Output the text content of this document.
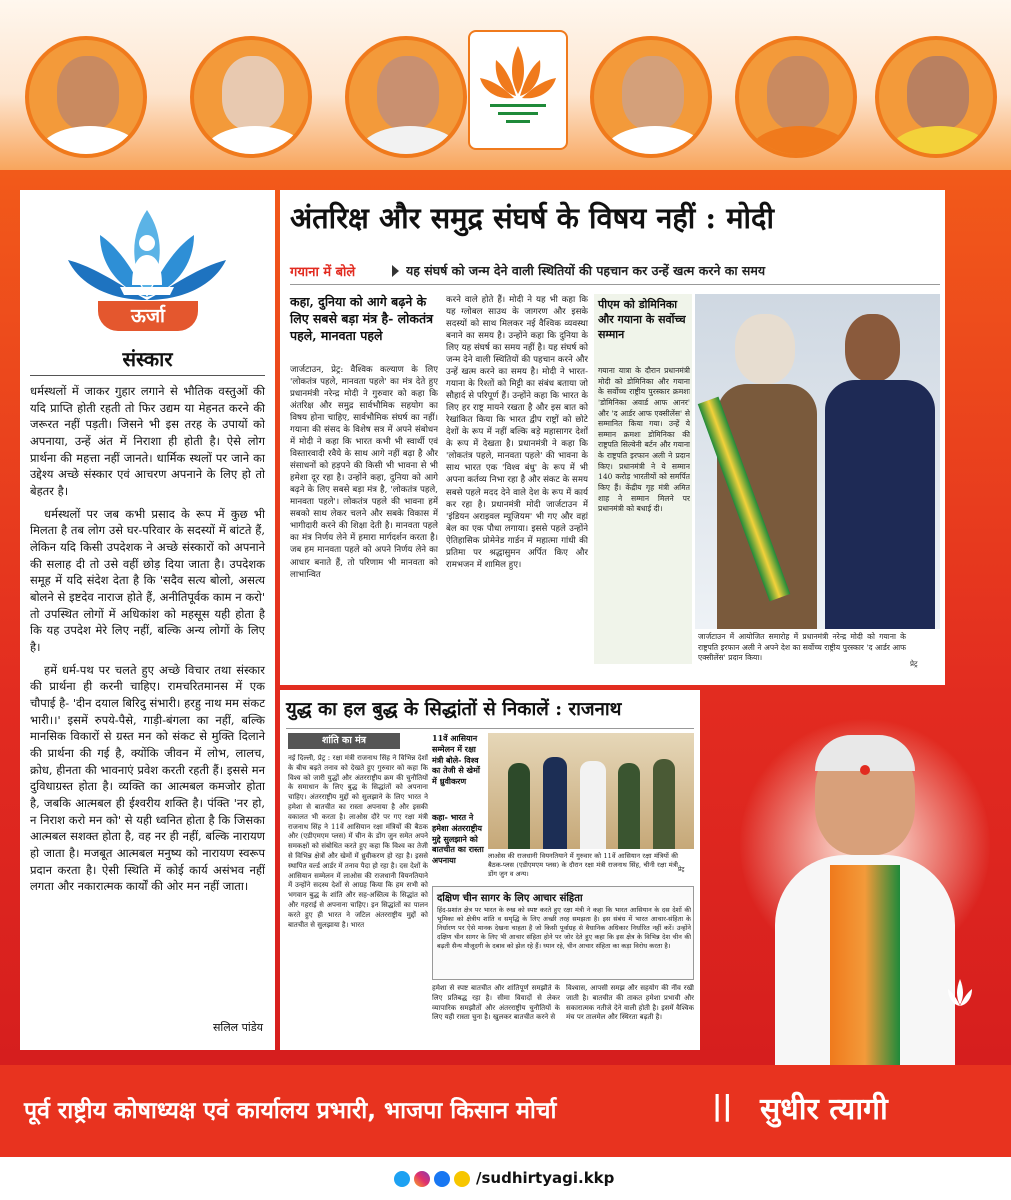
ऊर्जा
संस्कार

धर्मस्थलों में जाकर गुहार लगाने से भौतिक वस्तुओं की यदि प्राप्ति होती रहती तो फिर उद्यम या मेहनत करने की जरूरत नहीं पड़ती। जिसने भी इस तरह के उपायों को अपनाया, उन्हें अंत में निराशा ही होती है। ऐसे लोग प्रार्थना की महत्ता नहीं जानते। धार्मिक स्थलों पर जाने का उद्देश्य अच्छे संस्कार एवं आचरण अपनाने के लिए हो तो बेहतर है।

धर्मस्थलों पर जब कभी प्रसाद के रूप में कुछ भी मिलता है तब लोग उसे घर-परिवार के सदस्यों में बांटते हैं, लेकिन यदि किसी उपदेशक ने अच्छे संस्कारों को अपनाने की सलाह दी तो उसे वहीं छोड़ दिया जाता है। उपदेशक समूह में यदि संदेश देता है कि 'सदैव सत्य बोलो, असत्य बोलने से इष्टदेव नाराज होते हैं, अनीतिपूर्वक काम न करो' तो उपस्थित लोगों में अधिकांश को महसूस यही होता है कि यह उपदेश मेरे लिए नहीं, बल्कि अन्य लोगों के लिए है।

हमें धर्म-पथ पर चलते हुए अच्छे विचार तथा संस्कार की प्रार्थना ही करनी चाहिए। रामचरितमानस में एक चौपाई है- 'दीन दयाल बिरिदु संभारी। हरहु नाथ मम संकट भारी।।' इसमें रुपये-पैसे, गाड़ी-बंगला का नहीं, बल्कि मानसिक विकारों से ग्रस्त मन को संकट से मुक्ति दिलाने की प्रार्थना की गई है, क्योंकि जीवन में लोभ, लालच, क्रोध, हीनता की भावनाएं प्रवेश करती रहती हैं। इससे मन दुविधाग्रस्त होता है। व्यक्ति का आत्मबल कमजोर होता है, जबकि आत्मबल ही ईश्वरीय शक्ति है। पंक्ति 'नर हो, न निराश करो मन को' से यही ध्वनित होता है कि जिसका आत्मबल सशक्त होता है, वह नर ही नहीं, बल्कि नारायण हो जाता है। मजबूत आत्मबल मनुष्य को नारायण स्वरूप प्रदान करता है। ऐसी स्थिति में कोई कार्य असंभव नहीं लगता और नकारात्मक कार्यों की ओर मन नहीं जाता।

सलिल पांडेय
अंतरिक्ष और समुद्र संघर्ष के विषय नहीं : मोदी
गयाना में बोले	यह संघर्ष को जन्म देने वाली स्थितियों की पहचान कर उन्हें खत्म करने का समय
कहा, दुनिया को आगे बढ़ने के लिए सबसे बड़ा मंत्र है- लोकतंत्र पहले, मानवता पहले
जार्जटाउन, प्रेट्र: वैश्विक कल्याण के लिए 'लोकतंत्र पहले, मानवता पहले' का मंत्र देते हुए प्रधानमंत्री नरेन्द्र मोदी ने गुरुवार को कहा कि अंतरिक्ष और समुद्र सार्वभौमिक सहयोग का विषय होना चाहिए, सार्वभौमिक संघर्ष का नहीं। गयाना की संसद के विशेष सत्र में अपने संबोधन में मोदी ने कहा कि भारत कभी भी स्वार्थी एवं विस्तारवादी रवैये के साथ आगे नहीं बढ़ा है और संसाधनों को हड़पने की किसी भी भावना से भी हमेशा दूर रहा है। उन्होंने कहा, दुनिया को आगे बढ़ने के लिए सबसे बड़ा मंत्र है, 'लोकतंत्र पहले, मानवता पहले'। लोकतंत्र पहले की भावना हमें सबको साथ लेकर चलने और सबके विकास में भागीदारी करने की शिक्षा देती है। मानवता पहले का मंत्र निर्णय लेने में हमारा मार्गदर्शन करता है। जब हम मानवता पहले को अपने निर्णय लेने का आधार बनाते हैं, तो परिणाम भी मानवता को लाभान्वित
करने वाले होते हैं। मोदी ने यह भी कहा कि यह ग्लोबल साउथ के जागरण और इसके सदस्यों को साथ मिलकर नई वैश्विक व्यवस्था बनाने का समय है। उन्होंने कहा कि दुनिया के लिए यह संघर्ष का समय नहीं है। यह संघर्ष को जन्म देने वाली स्थितियों की पहचान करने और उन्हें खत्म करने का समय है। मोदी ने भारत-गयाना के रिश्तों को मिट्टी का संबंध बताया जो सौहार्द से परिपूर्ण हैं। उन्होंने कहा कि भारत के लिए हर राष्ट्र मायने रखता है और इस बात को रेखांकित किया कि भारत द्वीप राष्ट्रों को छोटे देशों के रूप में नहीं बल्कि बड़े महासागर देशों के रूप में देखता है। प्रधानमंत्री ने कहा कि 'लोकतंत्र पहले, मानवता पहले' की भावना के साथ भारत एक 'विश्व बंधु' के रूप में भी अपना कर्तव्य निभा रहा है और संकट के समय सबसे पहले मदद देने वाले देश के रूप में कार्य कर रहा है। प्रधानमंत्री मोदी जार्जटाउन में 'इंडियन अराइवल म्यूजियम' भी गए और वहां बेल का एक पौधा लगाया। इससे पहले उन्होंने ऐतिहासिक प्रोमेनेड गार्डन में महात्मा गांधी की प्रतिमा पर श्रद्धासुमन अर्पित किए और रामभजन में शामिल हुए।
पीएम को डोमिनिका और गयाना के सर्वोच्च सम्मान
गयाना यात्रा के दौरान प्रधानमंत्री मोदी को डोमिनिका और गयाना के सर्वोच्च राष्ट्रीय पुरस्कार क्रमशः 'डोमिनिका अवार्ड आफ आनर' और 'द आर्डर आफ एक्सीलेंस' से सम्मानित किया गया। उन्हें ये सम्मान क्रमशः डोमिनिका की राष्ट्रपति सिल्वेनी बर्टन और गयाना के राष्ट्रपति इरफान अली ने प्रदान किए। प्रधानमंत्री ने ये सम्मान 140 करोड़ भारतीयों को समर्पित किए हैं। केंद्रीय गृह मंत्री अमित शाह ने सम्मान मिलने पर प्रधानमंत्री को बधाई दी।
जार्जटाउन में आयोजित समारोह में प्रधानमंत्री नरेन्द्र मोदी को गयाना के राष्ट्रपति इरफान अली ने अपने देश का सर्वोच्च राष्ट्रीय पुरस्कार 'द आर्डर आफ एक्सीलेंस' प्रदान किया।
प्रेट्र
युद्ध का हल बुद्ध के सिद्धांतों से निकालें : राजनाथ
शांति का मंत्र
नई दिल्ली, प्रेट्र : रक्षा मंत्री राजनाथ सिंह ने विभिन्न देशों के बीच बढ़ते तनाव को देखते हुए गुरुवार को कहा कि विश्व को जारी युद्धों और अंतरराष्ट्रीय क्रम की चुनौतियों के समाधान के लिए बुद्ध के सिद्धांतों को अपनाना चाहिए। अंतरराष्ट्रीय मुद्दों को सुलझाने के लिए भारत ने हमेशा से बातचीत का रास्ता अपनाया है और इसकी वकालत भी करता है। लाओस दौरे पर गए रक्षा मंत्री राजनाथ सिंह ने 11वें आसियान रक्षा मंत्रियों की बैठक और (एडीएमएम प्लस) में चीन के डोंग जुन समेत अपने समकक्षों को संबोधित करते हुए कहा कि विश्व का तेजी से विभिन्न क्षेत्रों और खेमों में ध्रुवीकरण हो रहा है। इससे स्थापित वर्ल्ड आर्डर में तनाव पैदा हो रहा है। दस देशों के आसियान सम्मेलन में लाओस की राजधानी वियनतियाने में उन्होंने सदस्य देशों से आग्रह किया कि हम सभी को भगवान बुद्ध के शांति और सह-अस्तित्व के सिद्धांत को और गहराई से अपनाना चाहिए। इन सिद्धांतों का पालन करते हुए ही भारत ने जटिल अंतरराष्ट्रीय मुद्दों को बातचीत से सुलझाया है। भारत
11वें आसियान सम्मेलन में रक्षा मंत्री बोले- विश्व का तेजी से खेमों में ध्रुवीकरण
कहा- भारत ने हमेशा अंतरराष्ट्रीय मुद्दे सुलझाने को बातचीत का रास्ता अपनाया	लाओस की राजधानी वियनतियाने में गुरुवार को 11वें आसियान रक्षा मंत्रियों की बैठक-प्लस (एडीएमएम प्लस) के दौरान रक्षा मंत्री राजनाथ सिंह, चीनी रक्षा मंत्री डोंग जुन व अन्य।
प्रेट्र
दक्षिण चीन सागर के लिए आचार संहिता
हिंद-प्रशांत क्षेत्र पर भारत के रुख को स्पष्ट करते हुए रक्षा मंत्री ने कहा कि भारत आसियान के दस देशों की भूमिका को क्षेत्रीय शांति व समृद्धि के लिए अच्छी तरह समझता है। इस संबंध में भारत आचार-संहिता के निर्धारण पर ऐसे मानक देखना चाहता है जो किसी पूर्वाग्रह से वैधानिक अधिकार निर्धारित नहीं करें। उन्होंने दक्षिण चीन सागर के लिए भी आचार संहिता होने पर जोर देते हुए कहा कि इस क्षेत्र के विभिन्न देश चीन की बढ़ती सैन्य मौजूदगी के दबाव को झेल रहे हैं। ध्यान रहे, चीन आचार संहिता का कड़ा विरोध करता है।
हमेशा से स्पष्ट बातचीत और शांतिपूर्ण समझौते के लिए प्रतिबद्ध रहा है। सीमा विवादों से लेकर व्यापारिक समझौतों और अंतरराष्ट्रीय चुनौतियों के लिए यही रास्ता चुना है। खुलकर बातचीत करने से
विश्वास, आपसी समझ और सहयोग की नींव रखी जाती है। बातचीत की ताकत हमेशा प्रभावी और सकारात्मक नतीजे देने वाली होती है। इसमें वैश्विक मंच पर तालमेल और स्थिरता बढ़ती है।
पूर्व राष्ट्रीय कोषाध्यक्ष एवं कार्यालय प्रभारी, भाजपा किसान मोर्चा	|| सुधीर त्यागी
/sudhirtyagi.kkp
